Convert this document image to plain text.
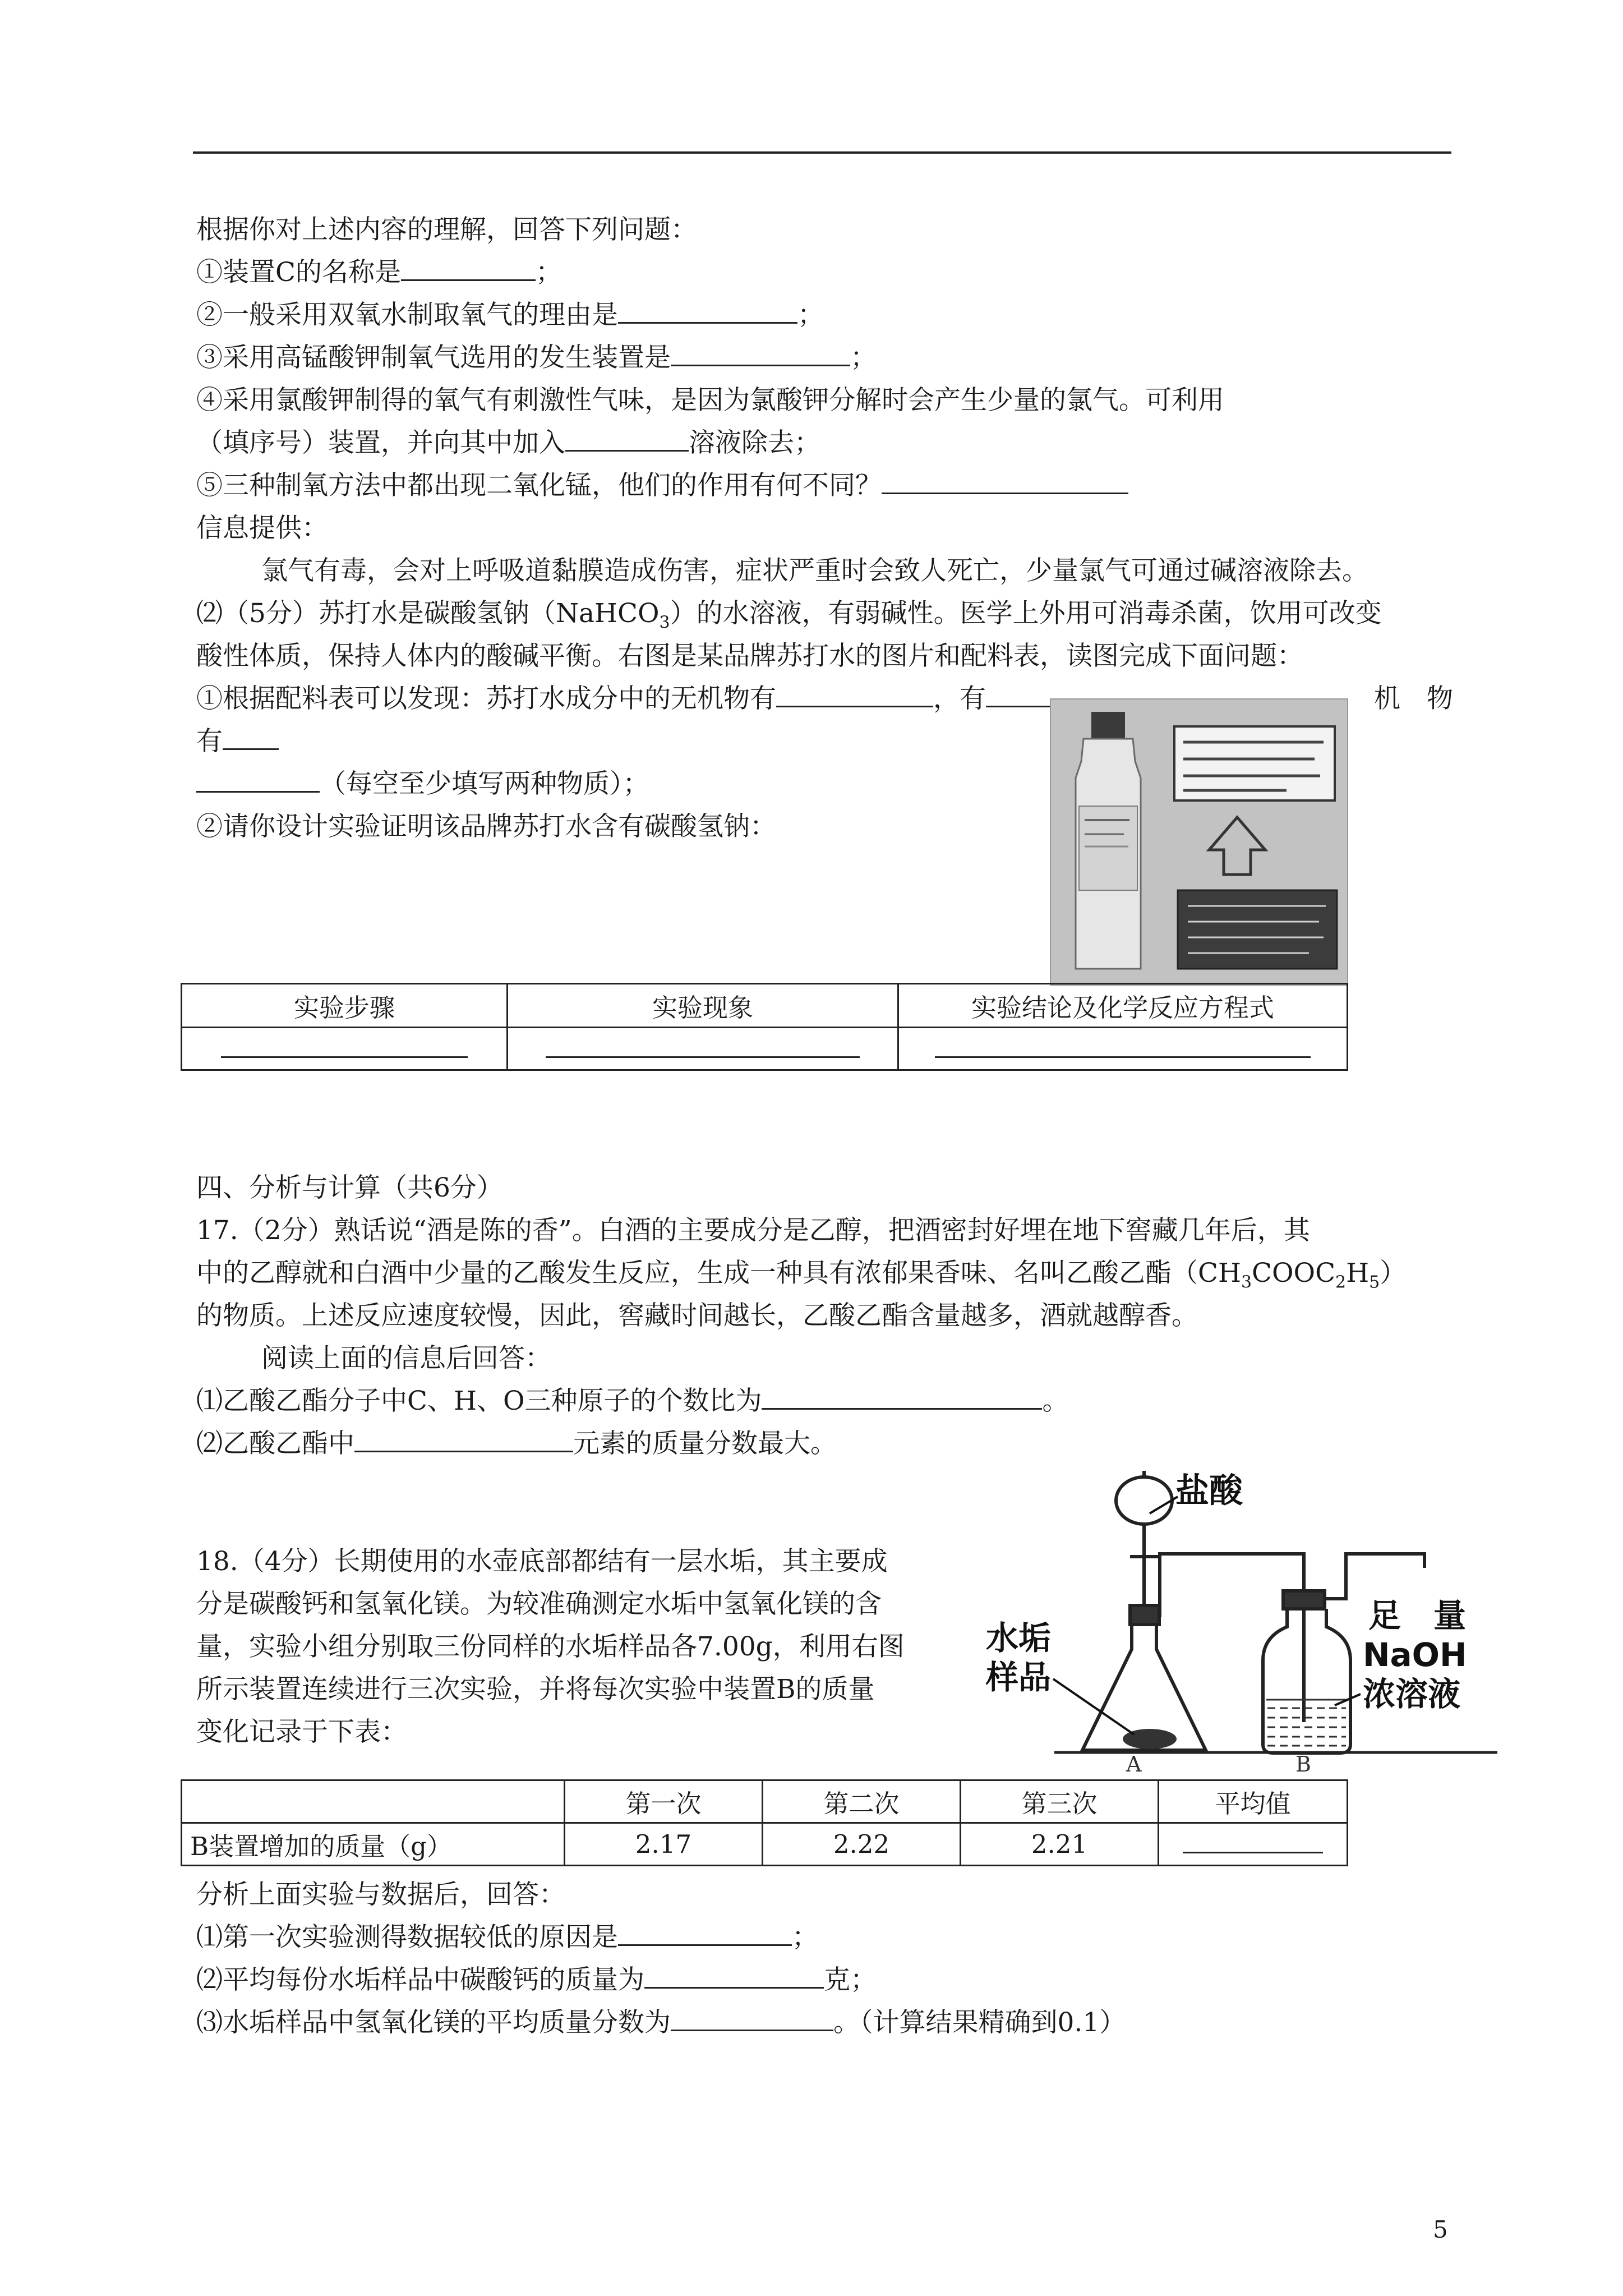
根据你对上述内容的理解，回答下列问题：
①装置C的名称是	；
②一般采用双氧水制取氧气的理由是	；
③采用高锰酸钾制氧气选用的发生装置是	；
④采用氯酸钾制得的氧气有刺激性气味，是因为氯酸钾分解时会产生少量的氯气。可利用
（填序号）装置，并向其中加入	溶液除去；
⑤三种制氧方法中都出现二氧化锰，他们的作用有何不同？
信息提供：
氯气有毒，会对上呼吸道黏膜造成伤害，症状严重时会致人死亡，少量氯气可通过碱溶液除去。
⑵（5分）苏打水是碳酸氢钠（NaHCO$_3$）的水溶液，有弱碱性。医学上外用可消毒杀菌，饮用可改变
酸性体质，保持人体内的酸碱平衡。右图是某品牌苏打水的图片和配料表，读图完成下面问题：
①根据配料表可以发现：苏打水成分中的无机物有	，有	机　物
有
（每空至少填写两种物质）；
②请你设计实验证明该品牌苏打水含有碳酸氢钠：
实验步骤	实验现象	实验结论及化学反应方程式

四、分析与计算（共6分）
17.（2分）熟话说“酒是陈的香”。白酒的主要成分是乙醇，把酒密封好埋在地下窖藏几年后，其
中的乙醇就和白酒中少量的乙酸发生反应，生成一种具有浓郁果香味、名叫乙酸乙酯$(CH_3COOC_2H_5)$
的物质。上述反应速度较慢，因此，窖藏时间越长，乙酸乙酯含量越多，酒就越醇香。
阅读上面的信息后回答：
⑴乙酸乙酯分子中C、H、O三种原子的个数比为	。
⑵乙酸乙酯中	元素的质量分数最大。
18.（4分）长期使用的水壶底部都结有一层水垢，其主要成
分是碳酸钙和氢氧化镁。为较准确测定水垢中氢氧化镁的含
量，实验小组分别取三份同样的水垢样品各7.00g，利用右图
所示装置连续进行三次实验，并将每次实验中装置B的质量
变化记录于下表：
盐酸
水垢
样品
足　量
NaOH
浓溶液
A	B
	第一次	第二次	第三次	平均值
B装置增加的质量（g）	2.17	2.22	2.21	
分析上面实验与数据后，回答：
⑴第一次实验测得数据较低的原因是	；
⑵平均每份水垢样品中碳酸钙的质量为	克；
⑶水垢样品中氢氧化镁的平均质量分数为	。（计算结果精确到0.1）
5
